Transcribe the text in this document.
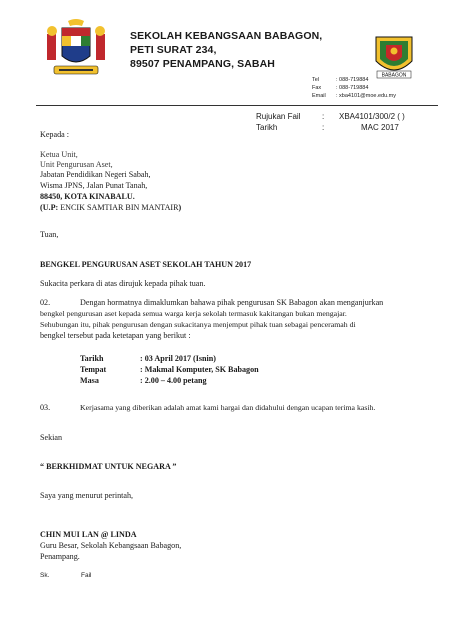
SEKOLAH KEBANGSAAN BABAGON,
PETI SURAT 234,
89507 PENAMPANG, SABAH
BABAGON
Tel	: 088-719884
Fax	: 088-719884
Email : xba4101@moe.edu.my
Rujukan Fail	: XBA4101/300/2 ( )
Tarikh	:	MAC 2017
Kepada :
Ketua Unit,
Unit Pengurusan Aset,
Jabatan Pendidikan Negeri Sabah,
Wisma JPNS, Jalan Punat Tanah,
88450, KOTA KINABALU.
(U.P: ENCIK SAMTIAR BIN MANTAIR)
Tuan,
BENGKEL PENGURUSAN ASET SEKOLAH TAHUN 2017
Sukacita perkara di atas dirujuk kepada pihak tuan.
02.	Dengan hormatnya dimaklumkan bahawa pihak pengurusan SK Babagon akan menganjurkan
bengkel pengurusan aset kepada semua warga kerja sekolah termasuk kakitangan bukan mengajar.
Sehubungan itu, pihak pengurusan dengan sukacitanya menjemput pihak tuan sebagai penceramah di
bengkel tersebut pada ketetapan yang berikut :
Tarikh	: 03 April 2017 (Isnin)
Tempat	: Makmal Komputer, SK Babagon
Masa	: 2.00 – 4.00 petang
03.	Kerjasama yang diberikan adalah amat kami hargai dan didahului dengan ucapan terima kasih.
Sekian
“ BERKHIDMAT UNTUK NEGARA ”
Saya yang menurut perintah,
CHIN MUI LAN @ LINDA
Guru Besar, Sekolah Kebangsaan Babagon,
Penampang.
Sk.	Fail
